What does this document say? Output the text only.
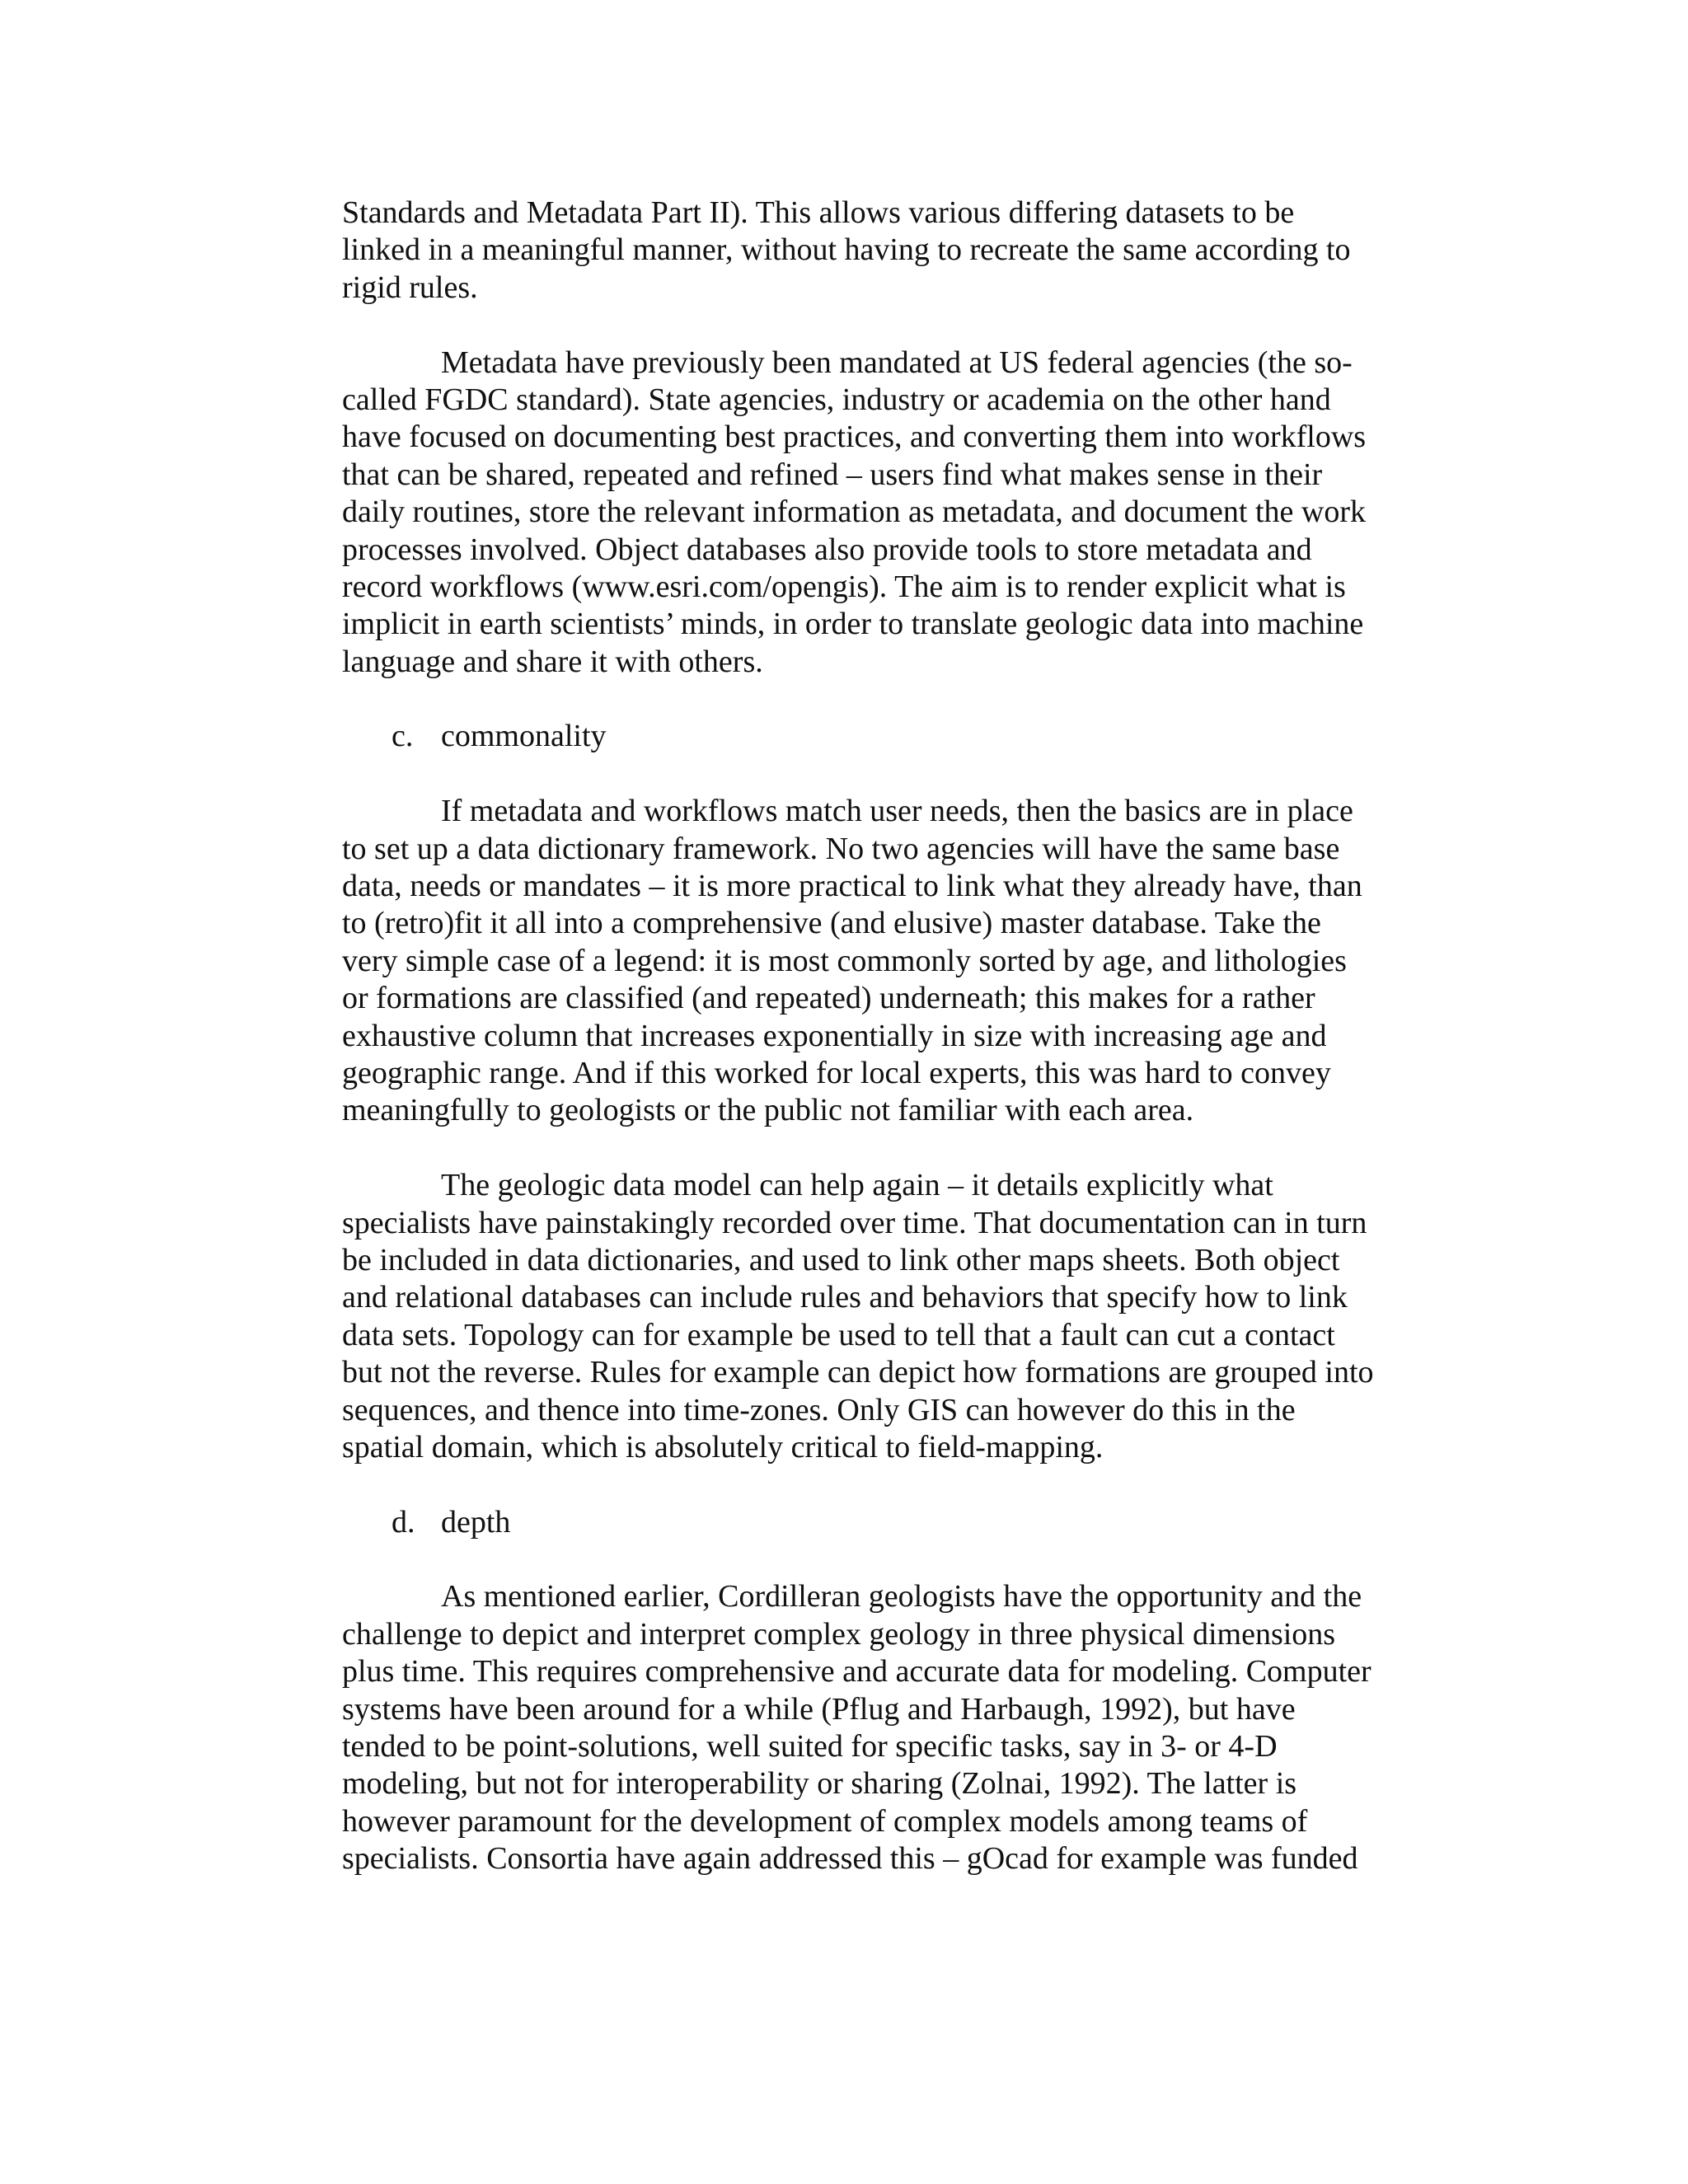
Standards and Metadata Part II). This allows various differing datasets to be
linked in a meaningful manner, without having to recreate the same according to
rigid rules.
Metadata have previously been mandated at US federal agencies (the so-
called FGDC standard). State agencies, industry or academia on the other hand
have focused on documenting best practices, and converting them into workflows
that can be shared, repeated and refined – users find what makes sense in their
daily routines, store the relevant information as metadata, and document the work
processes involved. Object databases also provide tools to store metadata and
record workflows (www.esri.com/opengis). The aim is to render explicit what is
implicit in earth scientists’ minds, in order to translate geologic data into machine
language and share it with others.
c. commonality
If metadata and workflows match user needs, then the basics are in place
to set up a data dictionary framework. No two agencies will have the same base
data, needs or mandates – it is more practical to link what they already have, than
to (retro)fit it all into a comprehensive (and elusive) master database. Take the
very simple case of a legend: it is most commonly sorted by age, and lithologies
or formations are classified (and repeated) underneath; this makes for a rather
exhaustive column that increases exponentially in size with increasing age and
geographic range. And if this worked for local experts, this was hard to convey
meaningfully to geologists or the public not familiar with each area.
The geologic data model can help again – it details explicitly what
specialists have painstakingly recorded over time. That documentation can in turn
be included in data dictionaries, and used to link other maps sheets. Both object
and relational databases can include rules and behaviors that specify how to link
data sets. Topology can for example be used to tell that a fault can cut a contact
but not the reverse. Rules for example can depict how formations are grouped into
sequences, and thence into time-zones. Only GIS can however do this in the
spatial domain, which is absolutely critical to field-mapping.
d. depth
As mentioned earlier, Cordilleran geologists have the opportunity and the
challenge to depict and interpret complex geology in three physical dimensions
plus time. This requires comprehensive and accurate data for modeling. Computer
systems have been around for a while (Pflug and Harbaugh, 1992), but have
tended to be point-solutions, well suited for specific tasks, say in 3- or 4-D
modeling, but not for interoperability or sharing (Zolnai, 1992). The latter is
however paramount for the development of complex models among teams of
specialists. Consortia have again addressed this – gOcad for example was funded
